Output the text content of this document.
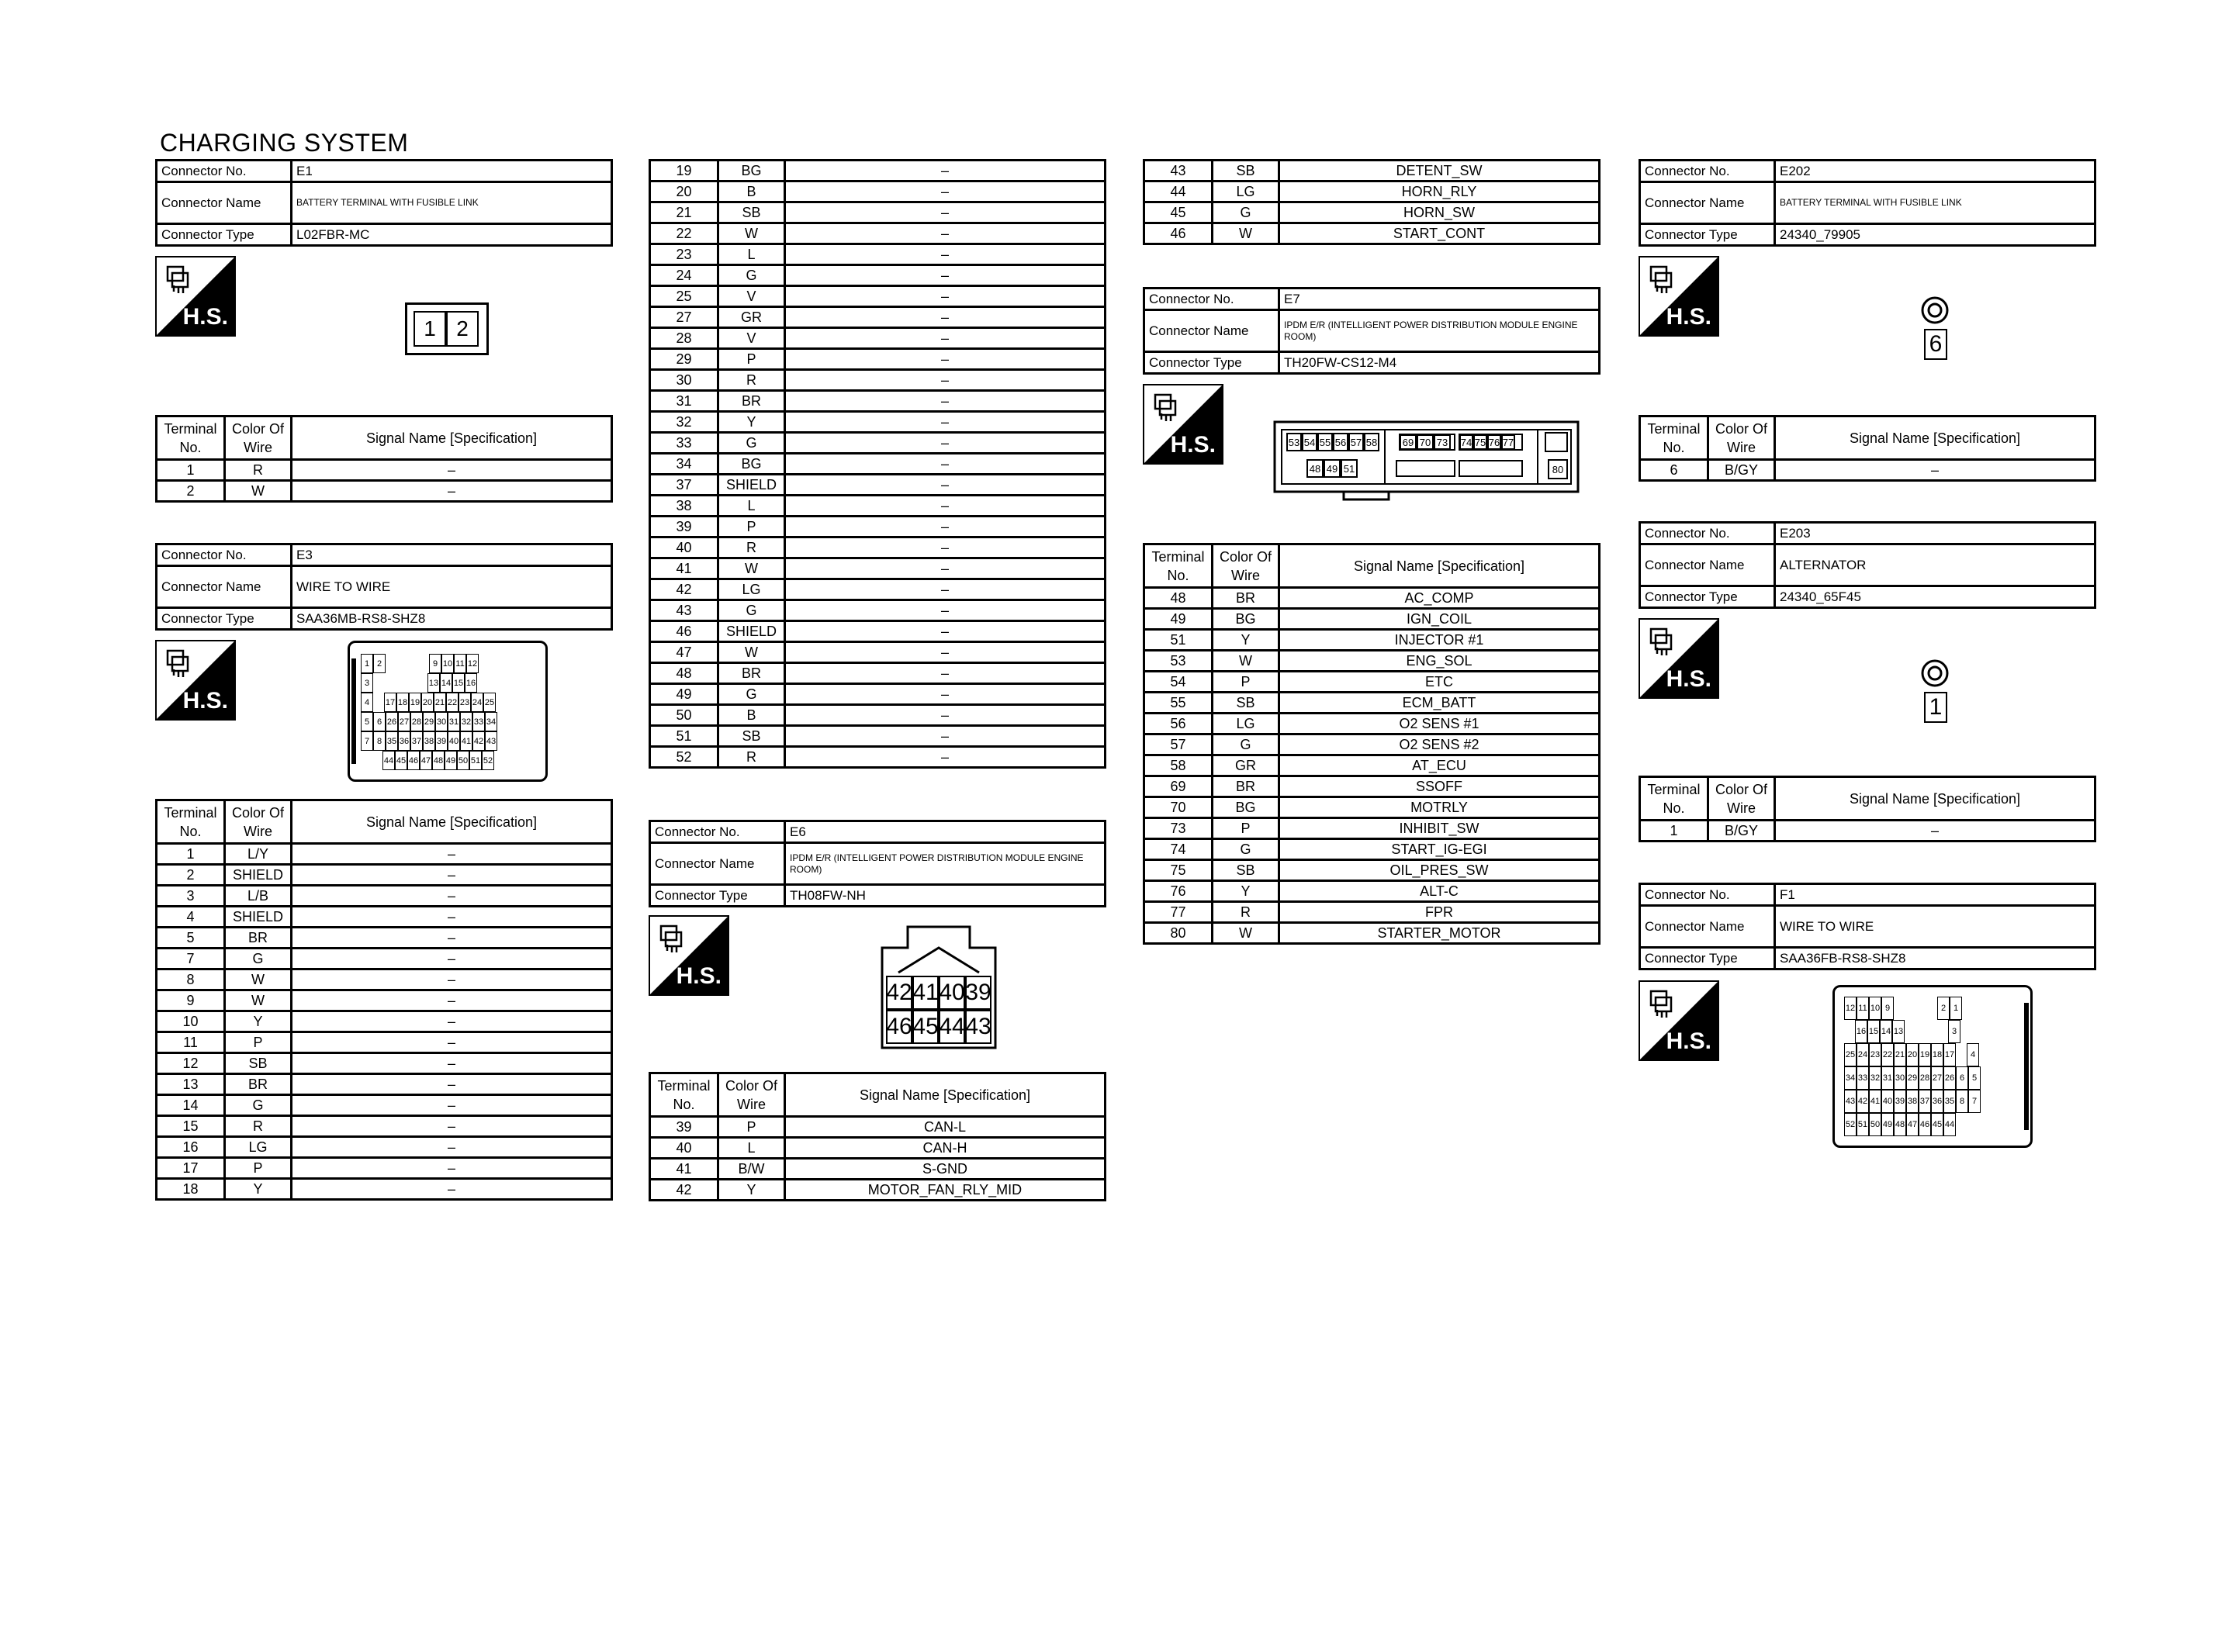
CHARGING SYSTEM
Connector No.	E1
Connector Name	BATTERY TERMINAL WITH FUSIBLE LINK
Connector Type	L02FBR-MC
H.S.	1 2
Terminal No.	Color Of Wire	Signal Name [Specification]
1	R	–
2	W	–
Connector No.	E3
Connector Name	WIRE TO WIRE
Connector Type	SAA36MB-RS8-SHZ8
H.S.
1 2	9 10 11 12
3	13 14 15 16
4	17 18 19 20 21 22 23 24 25
5 6 26 27 28 29 30 31 32 33 34
7 8 35 36 37 38 39 40 41 42 43
44 45 46 47 48 49 50 51 52
Terminal No.	Color Of Wire	Signal Name [Specification]
1	L/Y	–
2	SHIELD	–
3	L/B	–
4	SHIELD	–
5	BR	–
7	G	–
8	W	–
9	W	–
10	Y	–
11	P	–
12	SB	–
13	BR	–
14	G	–
15	R	–
16	LG	–
17	P	–
18	Y	–
19	BG	–
20	B	–
21	SB	–
22	W	–
23	L	–
24	G	–
25	V	–
27	GR	–
28	V	–
29	P	–
30	R	–
31	BR	–
32	Y	–
33	G	–
34	BG	–
37	SHIELD	–
38	L	–
39	P	–
40	R	–
41	W	–
42	LG	–
43	G	–
46	SHIELD	–
47	W	–
48	BR	–
49	G	–
50	B	–
51	SB	–
52	R	–
Connector No.	E6
Connector Name	IPDM E/R (INTELLIGENT POWER DISTRIBUTION MODULE ENGINE ROOM)
Connector Type	TH08FW-NH
H.S.
42 41 40 39
46 45 44 43
Terminal No.	Color Of Wire	Signal Name [Specification]
39	P	CAN-L
40	L	CAN-H
41	B/W	S-GND
42	Y	MOTOR_FAN_RLY_MID
43	SB	DETENT_SW
44	LG	HORN_RLY
45	G	HORN_SW
46	W	START_CONT
Connector No.	E7
Connector Name	IPDM E/R (INTELLIGENT POWER DISTRIBUTION MODULE ENGINE ROOM)
Connector Type	TH20FW-CS12-M4
H.S.	53 54 55 56 57 58	69 70 73 74 75 76 77
48 49 51	80
Terminal No.	Color Of Wire	Signal Name [Specification]
48	BR	AC_COMP
49	BG	IGN_COIL
51	Y	INJECTOR #1
53	W	ENG_SOL
54	P	ETC
55	SB	ECM_BATT
56	LG	O2 SENS #1
57	G	O2 SENS #2
58	GR	AT_ECU
69	BR	SSOFF
70	BG	MOTRLY
73	P	INHIBIT_SW
74	G	START_IG-EGI
75	SB	OIL_PRES_SW
76	Y	ALT-C
77	R	FPR
80	W	STARTER_MOTOR
Connector No.	E202
Connector Name	BATTERY TERMINAL WITH FUSIBLE LINK
Connector Type	24340_79905
H.S.
6
Terminal No.	Color Of Wire	Signal Name [Specification]
6	B/GY	–
Connector No.	E203
Connector Name	ALTERNATOR
Connector Type	24340_65F45
H.S.
1
Terminal No.	Color Of Wire	Signal Name [Specification]
1	B/GY	–
Connector No.	F1
Connector Name	WIRE TO WIRE
Connector Type	SAA36FB-RS8-SHZ8
H.S.
12 11 10 9	2 1
16 15 14 13	3
25 24 23 22 21 20 19 18 17	4
34 33 32 31 30 29 28 27 26 6 5
43 42 41 40 39 38 37 36 35 8 7
52 51 50 49 48 47 46 45 44
